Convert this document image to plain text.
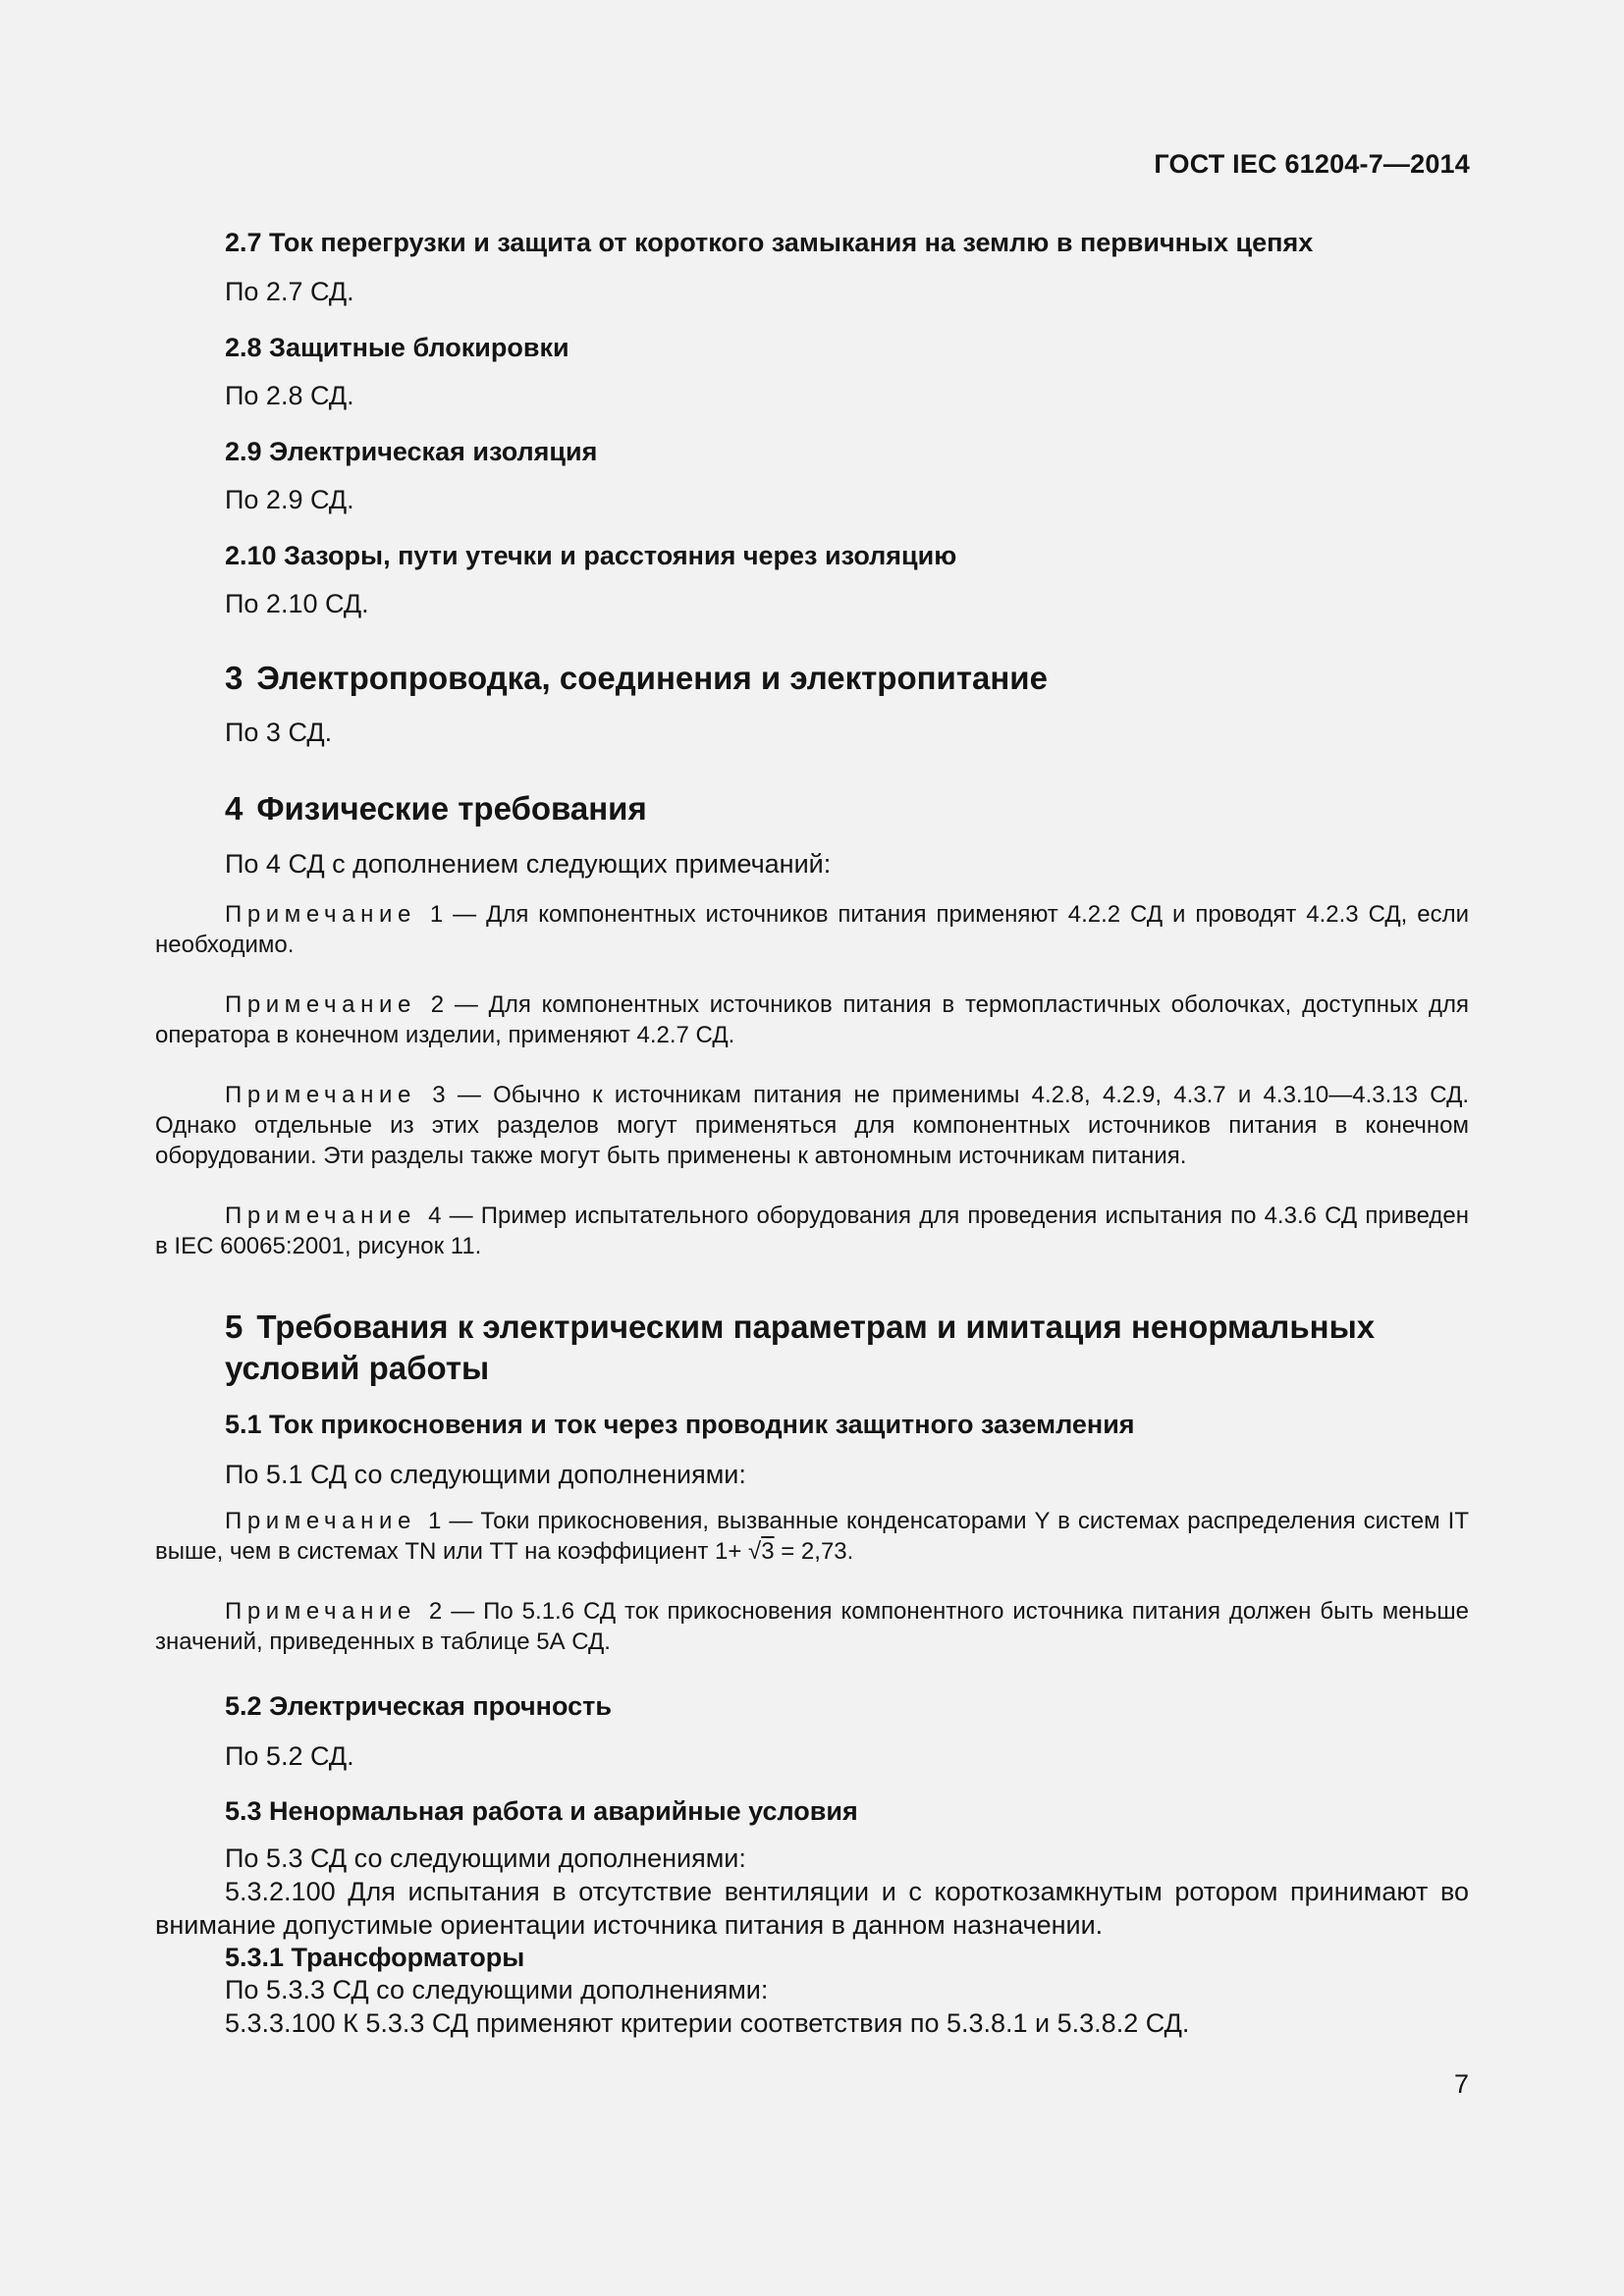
ГОСТ IEC 61204-7—2014

2.7 Ток перегрузки и защита от короткого замыкания на землю в первичных цепях

По 2.7 СД.

2.8 Защитные блокировки

По 2.8 СД.

2.9 Электрическая изоляция

По 2.9 СД.

2.10 Зазоры, пути утечки и расстояния через изоляцию

По 2.10 СД.

3 Электропроводка, соединения и электропитание

По 3 СД.

4 Физические требования

По 4 СД с дополнением следующих примечаний:

Примечание 1 — Для компонентных источников питания применяют 4.2.2 СД и проводят 4.2.3 СД, если необходимо.

Примечание 2 — Для компонентных источников питания в термопластичных оболочках, доступных для оператора в конечном изделии, применяют 4.2.7 СД.

Примечание 3 — Обычно к источникам питания не применимы 4.2.8, 4.2.9, 4.3.7 и 4.3.10—4.3.13 СД. Однако отдельные из этих разделов могут применяться для компонентных источников питания в конечном оборудовании. Эти разделы также могут быть применены к автономным источникам питания.

Примечание 4 — Пример испытательного оборудования для проведения испытания по 4.3.6 СД приведен в IEC 60065:2001, рисунок 11.

5 Требования к электрическим параметрам и имитация ненормальных
условий работы

5.1 Ток прикосновения и ток через проводник защитного заземления

По 5.1 СД со следующими дополнениями:

Примечание 1 — Токи прикосновения, вызванные конденсаторами Y в системах распределения систем IT выше, чем в системах TN или TT на коэффициент 1+ √3 = 2,73.

Примечание 2 — По 5.1.6 СД ток прикосновения компонентного источника питания должен быть меньше значений, приведенных в таблице 5А СД.

5.2 Электрическая прочность

По 5.2 СД.

5.3 Ненормальная работа и аварийные условия

По 5.3 СД со следующими дополнениями:

5.3.2.100 Для испытания в отсутствие вентиляции и с короткозамкнутым ротором принимают во внимание допустимые ориентации источника питания в данном назначении.

5.3.1 Трансформаторы

По 5.3.3 СД со следующими дополнениями:

5.3.3.100 К 5.3.3 СД применяют критерии соответствия по 5.3.8.1 и 5.3.8.2 СД.

7
